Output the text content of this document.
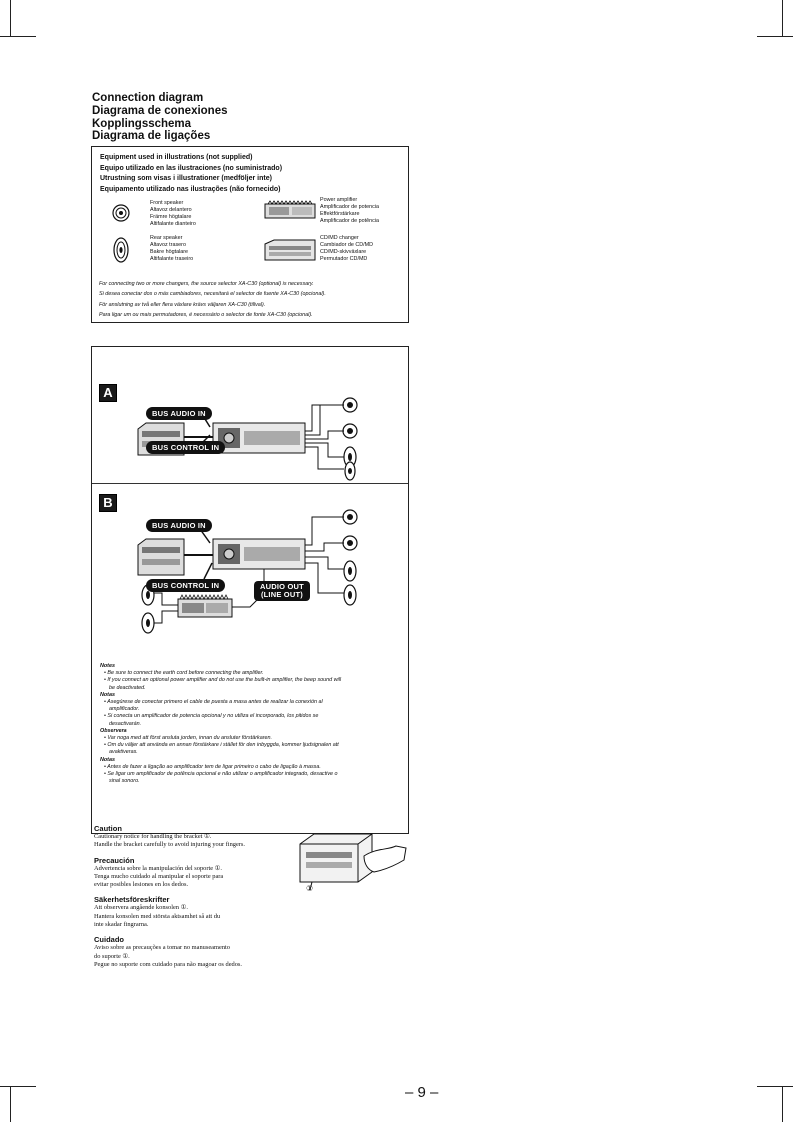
Connection diagram
Diagrama de conexiones
Kopplingsschema
Diagrama de ligações
Equipment used in illustrations (not supplied)
Equipo utilizado en las ilustraciones (no suministrado)
Utrustning som visas i illustrationer (medföljer inte)
Equipamento utilizado nas ilustrações (não fornecido)
Front speaker
Altavoz delantero
Främre högtalare
Altifalante dianteiro
Power amplifier
Amplificador de potencia
Effektförstärkare
Amplificador de potência
Rear speaker
Altavoz trasero
Bakre högtalare
Altifalante traseiro
CD/MD changer
Cambiador de CD/MD
CD/MD-skivväxlare
Permutador CD/MD
For connecting two or more changers, the source selector XA-C30 (optional) is necessary.
Si desea conectar dos o más cambiadores, necesitará el selector de fuente XA-C30 (opcional).
För anslutning av två eller flera växlare krävs väljaren XA-C30 (tillval).
Para ligar um ou mais permutadores, é necessário o selector de fonte XA-C30 (opcional).
A
BUS AUDIO IN
BUS CONTROL IN
B
BUS AUDIO IN
BUS CONTROL IN	AUDIO OUT
(LINE OUT)
Notes
• Be sure to connect the earth cord before connecting the amplifier.
• If you connect an optional power amplifier and do not use the built-in amplifier, the beep sound will
be deactivated.
Notas
• Asegúrese de conectar primero el cable de puesta a masa antes de realizar la conexión al
amplificador.
• Si conecta un amplificador de potencia opcional y no utiliza el incorporado, los pitidos se
desactivarán.
Observera
• Var noga med att först ansluta jorden, innan du ansluter förstärkaren.
• Om du väljer att använda en annan förstärkare i stället för den inbyggda, kommer ljudsignalen att
avaktiveras.
Notas
• Antes de fazer a ligação ao amplificador tem de ligar primeiro o cabo de ligação à massa.
• Se ligar um amplificador de potência opcional e não utilizar o amplificador integrado, desactive o
sinal sonoro.
Caution
Cautionary notice for handling the bracket ①.
Handle the bracket carefully to avoid injuring your fingers.
Precaución
Advertencia sobre la manipulación del soporte ①.
Tenga mucho cuidado al manipular el soporte para
evitar posibles lesiones en los dedos.
Säkerhetsföreskrifter
Att observera angående konsolen ①.
Hantera konsolen med största aktsamhet så att du
inte skadar fingrarna.
Cuidado
Aviso sobre as precauções a tomar no manuseamento
do suporte ①.
Pegue no suporte com cuidado para não magoar os dedos.
①
– 9 –
